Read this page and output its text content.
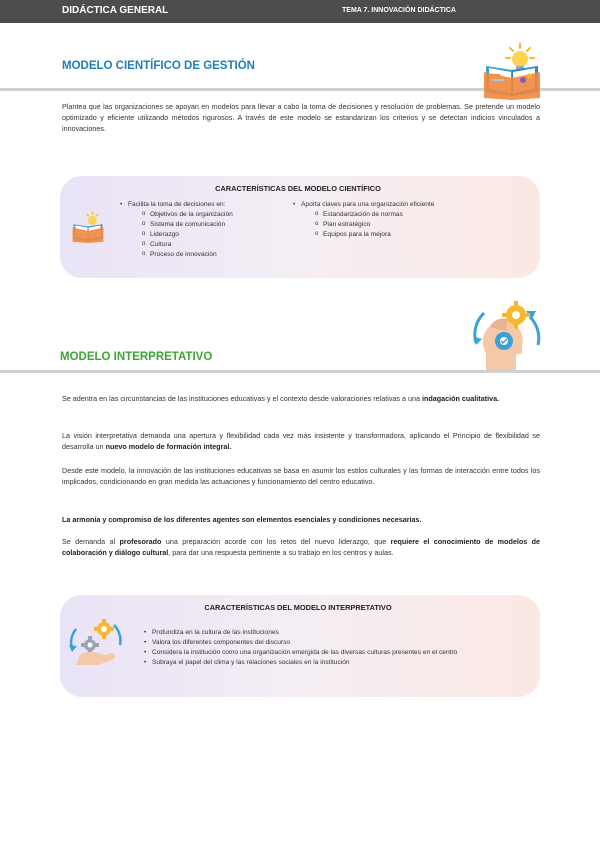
DIDÁCTICA GENERAL	TEMA 7. INNOVACIÓN DIDÁCTICA
MODELO CIENTÍFICO DE GESTIÓN

Plantea que las organizaciones se apoyan en modelos para llevar a cabo la toma de decisiones y resolución de problemas. Se pretende un modelo optimizado y eficiente utilizando métodos rigurosos. A través de este modelo se estandarizan los criterios y se detectan indicios vinculados a innovaciones.

CARACTERÍSTICAS DEL MODELO CIENTÍFICO
• Facilita la toma de decisiones en:
o Objetivos de la organización
o Sistema de comunicación
o Liderazgo
o Cultura
o Proceso de innovación
• Aporta claves para una organización eficiente
o Estandarización de normas
o Plan estratégico
o Equipos para la mejora
MODELO INTERPRETATIVO

Se adentra en las circunstancias de las instituciones educativas y el contexto desde valoraciones relativas a una indagación cualitativa.

La visión interpretativa demanda una apertura y flexibilidad cada vez más insistente y transformadora, aplicando el Principio de flexibilidad se desarrolla un nuevo modelo de formación integral.

Desde este modelo, la innovación de las instituciones educativas se basa en asumir los estilos culturales y las formas de interacción entre todos los implicados, condicionando en gran medida las actuaciones y funcionamiento del centro educativo.

La armonía y compromiso de los diferentes agentes son elementos esenciales y condiciones necesarias.

Se demanda al profesorado una preparación acorde con los retos del nuevo liderazgo, que requiere el conocimiento de modelos de colaboración y diálogo cultural, para dar una respuesta pertinente a su trabajo en los centros y aulas.

CARACTERÍSTICAS DEL MODELO INTERPRETATIVO
• Profundiza en la cultura de las instituciones
• Valora los diferentes componentes del discurso
• Considera la institución como una organización emergida de las diversas culturas presentes en el centro
• Subraya el papel del clima y las relaciones sociales en la institución
